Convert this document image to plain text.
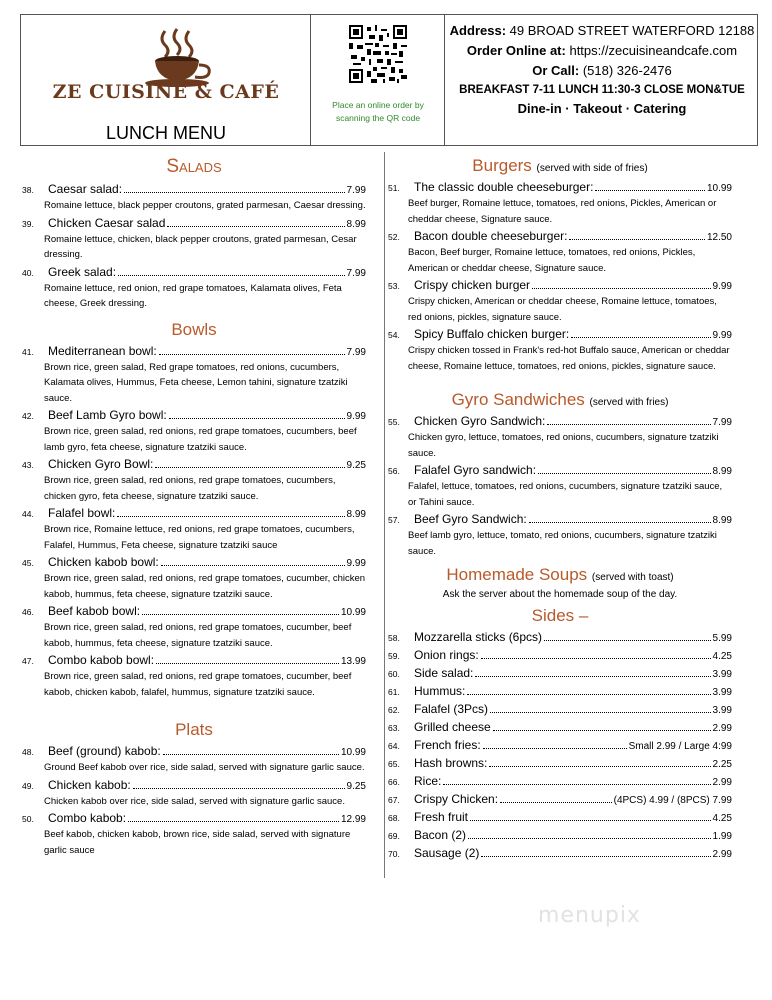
ZE CUISINE & CAFÉ
LUNCH MENU
Place an online order by scanning the QR code
Address: 49 BROAD STREET WATERFORD 12188
Order Online at: https://zecuisineandcafe.com
Or Call: (518) 326-2476
BREAKFAST 7-11 LUNCH 11:30-3 CLOSE MON&TUE
Dine-in · Takeout · Catering
Salads
38.	Caesar salad:	7.99
Romaine lettuce, black pepper croutons, grated parmesan, Caesar dressing.
39.	Chicken Caesar salad	8.99
Romaine lettuce, chicken, black pepper croutons, grated parmesan, Cesar dressing.
40.	Greek salad:	7.99
Romaine lettuce, red onion, red grape tomatoes, Kalamata olives, Feta cheese, Greek dressing.
Bowls
41.	Mediterranean bowl:	7.99
Brown rice, green salad, Red grape tomatoes, red onions, cucumbers, Kalamata olives, Hummus, Feta cheese, Lemon tahini, signature tzatziki sauce.
42.	Beef Lamb Gyro bowl:	9.99
Brown rice, green salad, red onions, red grape tomatoes, cucumbers, beef lamb gyro, feta cheese, signature tzatziki sauce.
43.	Chicken Gyro Bowl:	9.25
Brown rice, green salad, red onions, red grape tomatoes, cucumbers, chicken gyro, feta cheese, signature tzatziki sauce.
44.	Falafel bowl:	8.99
Brown rice, Romaine lettuce, red onions, red grape tomatoes, cucumbers, Falafel, Hummus, Feta cheese, signature tzatziki sauce
45.	Chicken kabob bowl:	9.99
Brown rice, green salad, red onions, red grape tomatoes, cucumber, chicken kabob, hummus, feta cheese, signature tzatziki sauce.
46.	Beef kabob bowl:	10.99
Brown rice, green salad, red onions, red grape tomatoes, cucumber, beef kabob, hummus, feta cheese, signature tzatziki sauce.
47.	Combo kabob bowl:	13.99
Brown rice, green salad, red onions, red grape tomatoes, cucumber, beef kabob, chicken kabob, falafel, hummus, signature tzatziki sauce.
Plats
48.	Beef (ground) kabob:	10.99
Ground Beef kabob over rice, side salad, served with signature garlic sauce.
49.	Chicken kabob:	9.25
Chicken kabob over rice, side salad, served with signature garlic sauce.
50.	Combo kabob:	12.99
Beef kabob, chicken kabob, brown rice, side salad, served with signature garlic sauce
Burgers (served with side of fries)
51.	The classic double cheeseburger:	10.99
Beef burger, Romaine lettuce, tomatoes, red onions, Pickles, American or cheddar cheese, Signature sauce.
52.	Bacon double cheeseburger:	12.50
Bacon, Beef burger, Romaine lettuce, tomatoes, red onions, Pickles, American or cheddar cheese, Signature sauce.
53.	Crispy chicken burger	9.99
Crispy chicken, American or cheddar cheese, Romaine lettuce, tomatoes, red onions, pickles, signature sauce.
54.	Spicy Buffalo chicken burger:	9.99
Crispy chicken tossed in Frank's red-hot Buffalo sauce, American or cheddar cheese, Romaine lettuce, tomatoes, red onions, pickles, signature sauce.
Gyro Sandwiches (served with fries)
55.	Chicken Gyro Sandwich:	7.99
Chicken gyro, lettuce, tomatoes, red onions, cucumbers, signature tzatziki sauce.
56.	Falafel Gyro sandwich:	8.99
Falafel, lettuce, tomatoes, red onions, cucumbers, signature tzatziki sauce, or Tahini sauce.
57.	Beef Gyro Sandwich:	8.99
Beef lamb gyro, lettuce, tomato, red onions, cucumbers, signature tzatziki sauce.
Homemade Soups (served with toast)
Ask the server about the homemade soup of the day.
Sides –
58.	Mozzarella sticks (6pcs)	5.99
59.	Onion rings:	4.25
60.	Side salad:	3.99
61.	Hummus:	3.99
62.	Falafel (3Pcs)	3.99
63.	Grilled cheese	2.99
64.	French fries:	Small 2.99 / Large 4:99
65.	Hash browns:	2.25
66.	Rice:	2.99
67.	Crispy Chicken:	(4PCS) 4.99 / (8PCS) 7.99
68.	Fresh fruit	4.25
69.	Bacon (2)	1.99
70.	Sausage (2)	2.99
menupix
